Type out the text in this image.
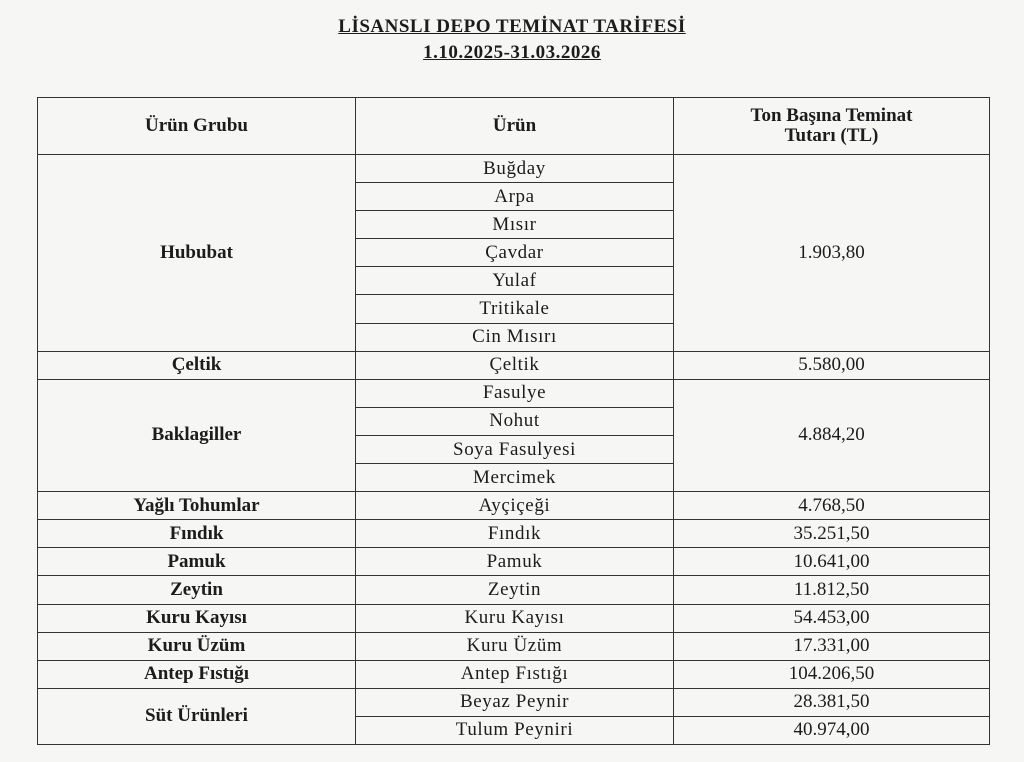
LİSANSLI DEPO TEMİNAT TARİFESİ
1.10.2025-31.03.2026
Ürün Grubu	Ürün	Ton Başına Teminat Tutarı (TL)
Hububat	Buğday	1.903,80
	Arpa	
	Mısır	
	Çavdar	
	Yulaf	
	Tritikale	
	Cin Mısırı	
Çeltik	Çeltik	5.580,00
Baklagiller	Fasulye	4.884,20
	Nohut	
	Soya Fasulyesi	
	Mercimek	
Yağlı Tohumlar	Ayçiçeği	4.768,50
Fındık	Fındık	35.251,50
Pamuk	Pamuk	10.641,00
Zeytin	Zeytin	11.812,50
Kuru Kayısı	Kuru Kayısı	54.453,00
Kuru Üzüm	Kuru Üzüm	17.331,00
Antep Fıstığı	Antep Fıstığı	104.206,50
Süt Ürünleri	Beyaz Peynir	28.381,50
	Tulum Peyniri	40.974,00
